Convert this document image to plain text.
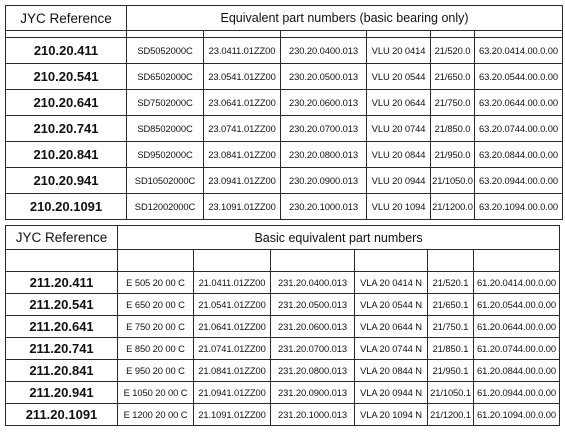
JYC Reference	Equivalent part numbers (basic bearing only)					

210.20.411	SD5052000C	23.0411.01ZZ00	230.20.0400.013	VLU 20 0414	21/520.0	63.20.0414.00.0.00
210.20.541	SD6502000C	23.0541.01ZZ00	230.20.0500.013	VLU 20 0544	21/650.0	63.20.0544.00.0.00
210.20.641	SD7502000C	23.0641.01ZZ00	230.20.0600.013	VLU 20 0644	21/750.0	63.20.0644.00.0.00
210.20.741	SD8502000C	23.0741.01ZZ00	230.20.0700.013	VLU 20 0744	21/850.0	63.20.0744.00.0.00
210.20.841	SD9502000C	23.0841.01ZZ00	230.20.0800.013	VLU 20 0844	21/950.0	63.20.0844.00.0.00
210.20.941	SD10502000C	23.0941.01ZZ00	230.20.0900.013	VLU 20 0944	21/1050.0	63.20.0944.00.0.00
210.20.1091	SD12002000C	23.1091.01ZZ00	230.20.1000.013	VLU 20 1094	21/1200.0	63.20.1094.00.0.00
JYC Reference	Basic equivalent part numbers					

211.20.411	E 505 20 00 C	21.0411.01ZZ00	231.20.0400.013	VLA 20 0414 N	21/520.1	61.20.0414.00.0.00
211.20.541	E 650 20 00 C	21.0541.01ZZ00	231.20.0500.013	VLA 20 0544 N	21/650.1	61.20.0544.00.0.00
211.20.641	E 750 20 00 C	21.0641.01ZZ00	231.20.0600.013	VLA 20 0644 N	21/750.1	61.20.0644.00.0.00
211.20.741	E 850 20 00 C	21.0741.01ZZ00	231.20.0700.013	VLA 20 0744 N	21/850.1	61.20.0744.00.0.00
211.20.841	E 950 20 00 C	21.0841.01ZZ00	231.20.0800.013	VLA 20 0844 N	21/950.1	61.20.0844.00.0.00
211.20.941	E 1050 20 00 C	21.0941.01ZZ00	231.20.0900.013	VLA 20 0944 N	21/1050.1	61.20.0944.00.0.00
211.20.1091	E 1200 20 00 C	21.1091.01ZZ00	231.20.1000.013	VLA 20 1094 N	21/1200.1	61.20.1094.00.0.00
